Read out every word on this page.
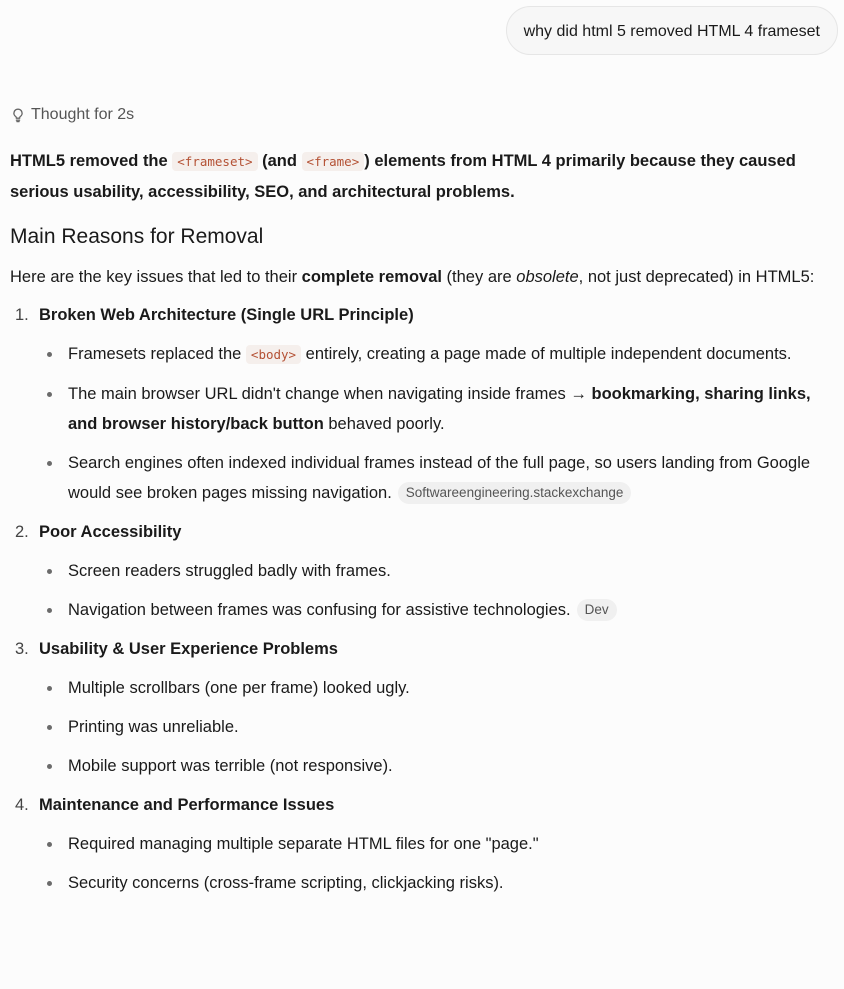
why did html 5 removed HTML 4 frameset
Thought for 2s

HTML5 removed the <frameset> (and <frame> ) elements from HTML 4 primarily because they caused serious usability, accessibility, SEO, and architectural problems.

Main Reasons for Removal

Here are the key issues that led to their complete removal (they are obsolete, not just deprecated) in HTML5:

1. Broken Web Architecture (Single URL Principle)
Framesets replaced the <body> entirely, creating a page made of multiple independent documents.
The main browser URL didn't change when navigating inside frames → bookmarking, sharing links, and browser history/back button behaved poorly.
Search engines often indexed individual frames instead of the full page, so users landing from Google would see broken pages missing navigation. Softwareengineering.stackexchange
2. Poor Accessibility
Screen readers struggled badly with frames.
Navigation between frames was confusing for assistive technologies. Dev
3. Usability & User Experience Problems
Multiple scrollbars (one per frame) looked ugly.
Printing was unreliable.
Mobile support was terrible (not responsive).
4. Maintenance and Performance Issues
Required managing multiple separate HTML files for one "page."
Security concerns (cross-frame scripting, clickjacking risks).
